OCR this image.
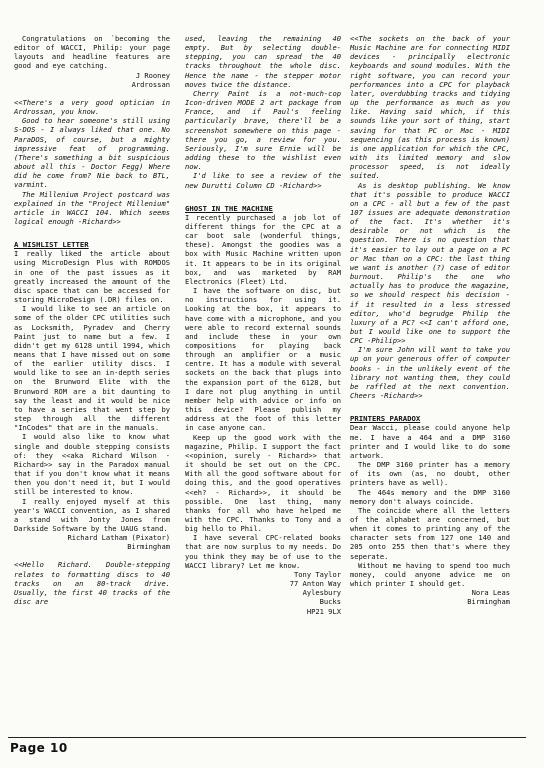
Congratulations on `becoming the editor of WACCI, Philip: your page layouts and headline features are good and eye catching.

J Rooney

Ardrossan

<<There's a very good optician in Ardrossan, you know.

Good to hear someone's still using S-DOS - I always liked that one. No ParaDOS, of course, but a mighty impressive feat of programming. (There's something a bit suspicious about all this - Doctor Fegg) Where did he come from? Nie back to BTL, varmint.

The Millenium Project postcard was explained in the "Project Millenium" article in WACCI 104. Which seems logical enough -Richard>>

A WISHLIST LETTER

I really liked the article about using MicroDesign Plus with ROMDOS in one of the past issues as it greatly increased the amount of the disc space that can be accessed for storing MicroDesign (.DR) files on.

I would like to see an article on some of the older CPC utilities such as Locksmith, Pyradev and Cherry Paint just to name but a few. I didn't get my 6128 until 1994, which means that I have missed out on some of the earlier utility discs. I would like to see an in-depth series on the Brunword Elite with the Brunword ROM are a bit daunting to say the least and it would be nice to have a series that went step by step through all the different "InCodes" that are in the manuals.

I would also like to know what single and double stepping consists of: they <<aka Richard Wilson - Richard>> say in the Paradox manual that if you don't know what it means then you don't need it, but I would still be interested to know.

I really enjoyed myself at this year's WACCI convention, as I shared a stand with Jonty Jones from Darkside Software by the UAUG stand.

Richard Latham (Pixator)

Birmingham

<<Hello Richard. Double-stepping relates to formatting discs to 40 tracks on an 80-track drive. Usually, the first 40 tracks of the disc are

used, leaving the remaining 40 empty. But by selecting double-stepping, you can spread the 40 tracks throughout the whole disc. Hence the name - the stepper motor moves twice the distance.

Cherry Paint is a not-much-cop Icon-driven MODE 2 art package from France, and if Paul's feeling particularly brave, there'll be a screenshot somewhere on this page - there you go, a review for you. Seriously, I'm sure Ernie will be adding these to the wishlist even now.

I'd like to see a review of the new Durutti Column CD -Richard>>

GHOST IN THE MACHINE

I recently purchased a job lot of different things for the CPC at a car boot sale (wonderful things, these). Amongst the goodies was a box with Music Machine written upon it. It appears to be in its original box, and was marketed by RAM Electronics (Fleet) Ltd.

I have the software on disc, but no instructions for using it. Looking at the box, it appears to have come with a microphone, and you were able to record external sounds and include these in your own compositions for playing back through an amplifier or a music centre. It has a module with several sockets on the back that plugs into the expansion port of the 6128, but I dare not plug anything in until member help with advice or info on this device? Please publish my address at the foot of this letter in case anyone can.

Keep up the good work with the magazine, Philip. I support the fact <<opinion, surely - Richard>> that it should be set out on the CPC. With all the good software about for doing this, and the good operatives <<eh? - Richard>>, it should be possible. One last thing, many thanks for all who have helped me with the CPC. Thanks to Tony and a big hello to Phil.

I have several CPC-related books that are now surplus to my needs. Do you think they may be of use to the WACCI library? Let me know.

Tony Taylor

77 Anton Way

Aylesbury

Bucks

HP21 9LX

<<The sockets on the back of your Music Machine are for connecting MIDI devices - principally electronic keyboards and sound modules. With the right software, you can record your performances into a CPC for playback later, overdubbing tracks and tidying up the performance as much as you like. Having said which, if this sounds like your sort of thing, start saving for that PC or Mac - MIDI sequencing (as this process is known) is one application for which the CPC, with its limited memory and slow processor speed, is not ideally suited.

As is desktop publishing. We know that it's possible to produce WACCI on a CPC - all but a few of the past 107 issues are adequate demonstration of the fact. It's whether it's desirable or not which is the question. There is no question that it's easier to lay out a page on a PC or Mac than on a CPC: the last thing we want is another (?) case of editor burnout. Philip's the one who actually has to produce the magazine, so we should respect his decision - if it resulted in a less stressed editor, who'd begrudge Philip the luxury of a PC? <<I can't afford one, but I would like one to support the CPC -Philip>>

I'm sure John will want to take you up on your generous offer of computer books - in the unlikely event of the library not wanting them, they could be raffled at the next convention. Cheers -Richard>>

PRINTERS PARADOX

Dear Wacci, please could anyone help me. I have a 464 and a DMP 3160 printer and I would like to do some artwork.

The DMP 3160 printer has a memory of its own (as, no doubt, other printers have as well).

The 464s memory and the DMP 3160 memory don't always coincide.

The coincide where all the letters of the alphabet are concerned, but when it comes to printing any of the character sets from 127 one 140 and 205 onto 255 then that's where they seperate.

Without me having to spend too much money, could anyone advice me on which printer I should get.

Nora Leas

Birmingham

Page 10
